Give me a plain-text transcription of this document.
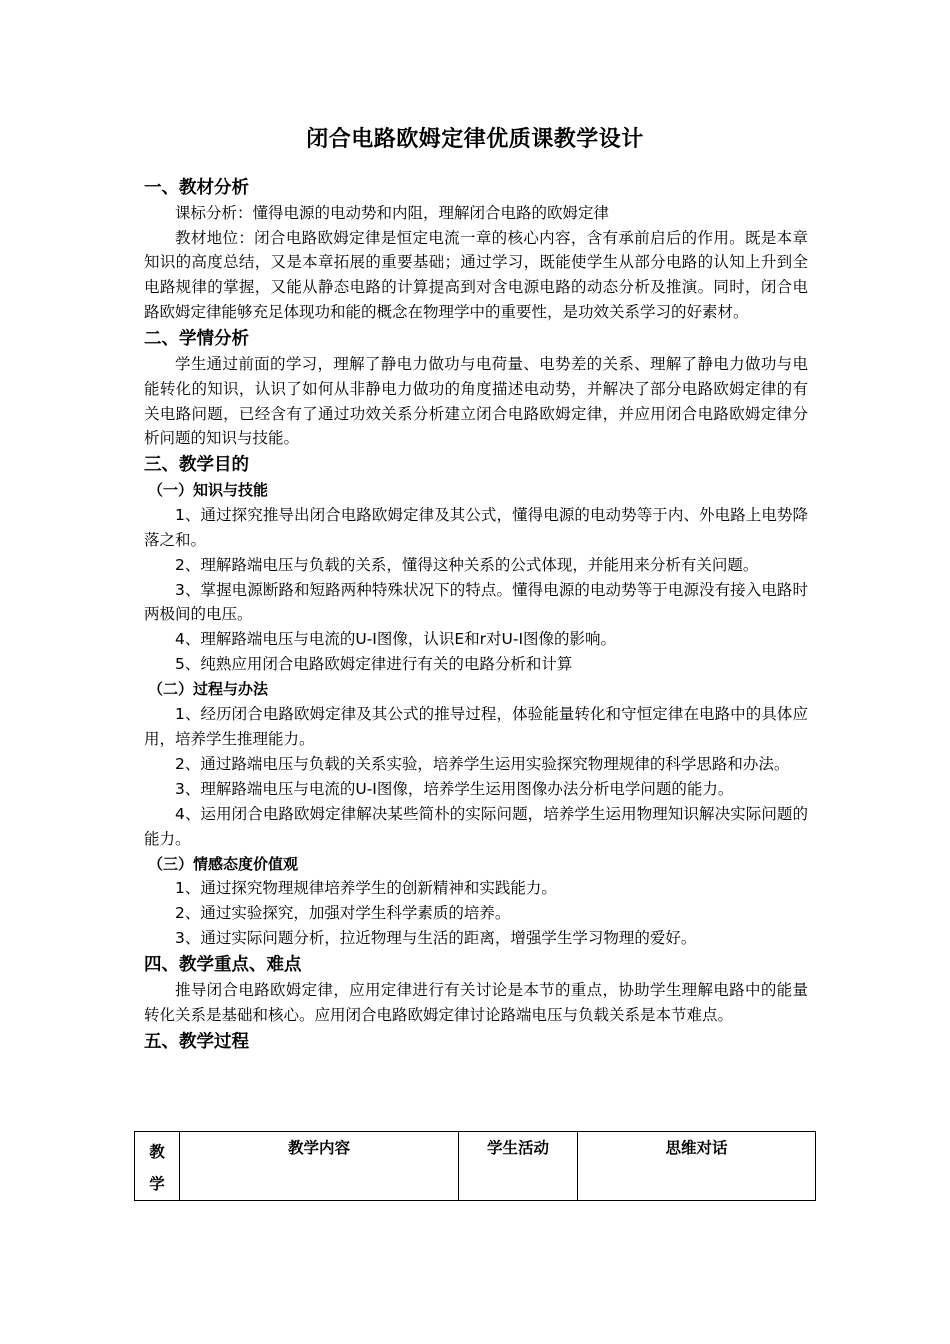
闭合电路欧姆定律优质课教学设计
一、教材分析

课标分析：懂得电源的电动势和内阻，理解闭合电路的欧姆定律

教材地位：闭合电路欧姆定律是恒定电流一章的核心内容，含有承前启后的作用。既是本章知识的高度总结，又是本章拓展的重要基础；通过学习，既能使学生从部分电路的认知上升到全电路规律的掌握，又能从静态电路的计算提高到对含电源电路的动态分析及推演。同时，闭合电路欧姆定律能够充足体现功和能的概念在物理学中的重要性，是功效关系学习的好素材。

二、学情分析

学生通过前面的学习，理解了静电力做功与电荷量、电势差的关系、理解了静电力做功与电能转化的知识，认识了如何从非静电力做功的角度描述电动势，并解决了部分电路欧姆定律的有关电路问题，已经含有了通过功效关系分析建立闭合电路欧姆定律，并应用闭合电路欧姆定律分析问题的知识与技能。

三、教学目的
（一）知识与技能

1、通过探究推导出闭合电路欧姆定律及其公式，懂得电源的电动势等于内、外电路上电势降落之和。

2、理解路端电压与负载的关系，懂得这种关系的公式体现，并能用来分析有关问题。

3、掌握电源断路和短路两种特殊状况下的特点。懂得电源的电动势等于电源没有接入电路时两极间的电压。

4、理解路端电压与电流的U-I图像，认识E和r对U-I图像的影响。

5、纯熟应用闭合电路欧姆定律进行有关的电路分析和计算

（二）过程与办法

1、经历闭合电路欧姆定律及其公式的推导过程，体验能量转化和守恒定律在电路中的具体应用，培养学生推理能力。

2、通过路端电压与负载的关系实验，培养学生运用实验探究物理规律的科学思路和办法。

3、理解路端电压与电流的U-I图像，培养学生运用图像办法分析电学问题的能力。

4、运用闭合电路欧姆定律解决某些简朴的实际问题，培养学生运用物理知识解决实际问题的能力。

（三）情感态度价值观

1、通过探究物理规律培养学生的创新精神和实践能力。

2、通过实验探究，加强对学生科学素质的培养。

3、通过实际问题分析，拉近物理与生活的距离，增强学生学习物理的爱好。

四、教学重点、难点

推导闭合电路欧姆定律，应用定律进行有关讨论是本节的重点，协助学生理解电路中的能量转化关系是基础和核心。应用闭合电路欧姆定律讨论路端电压与负载关系是本节难点。

五、教学过程
教
学
	教学内容	学生活动	思维对话
